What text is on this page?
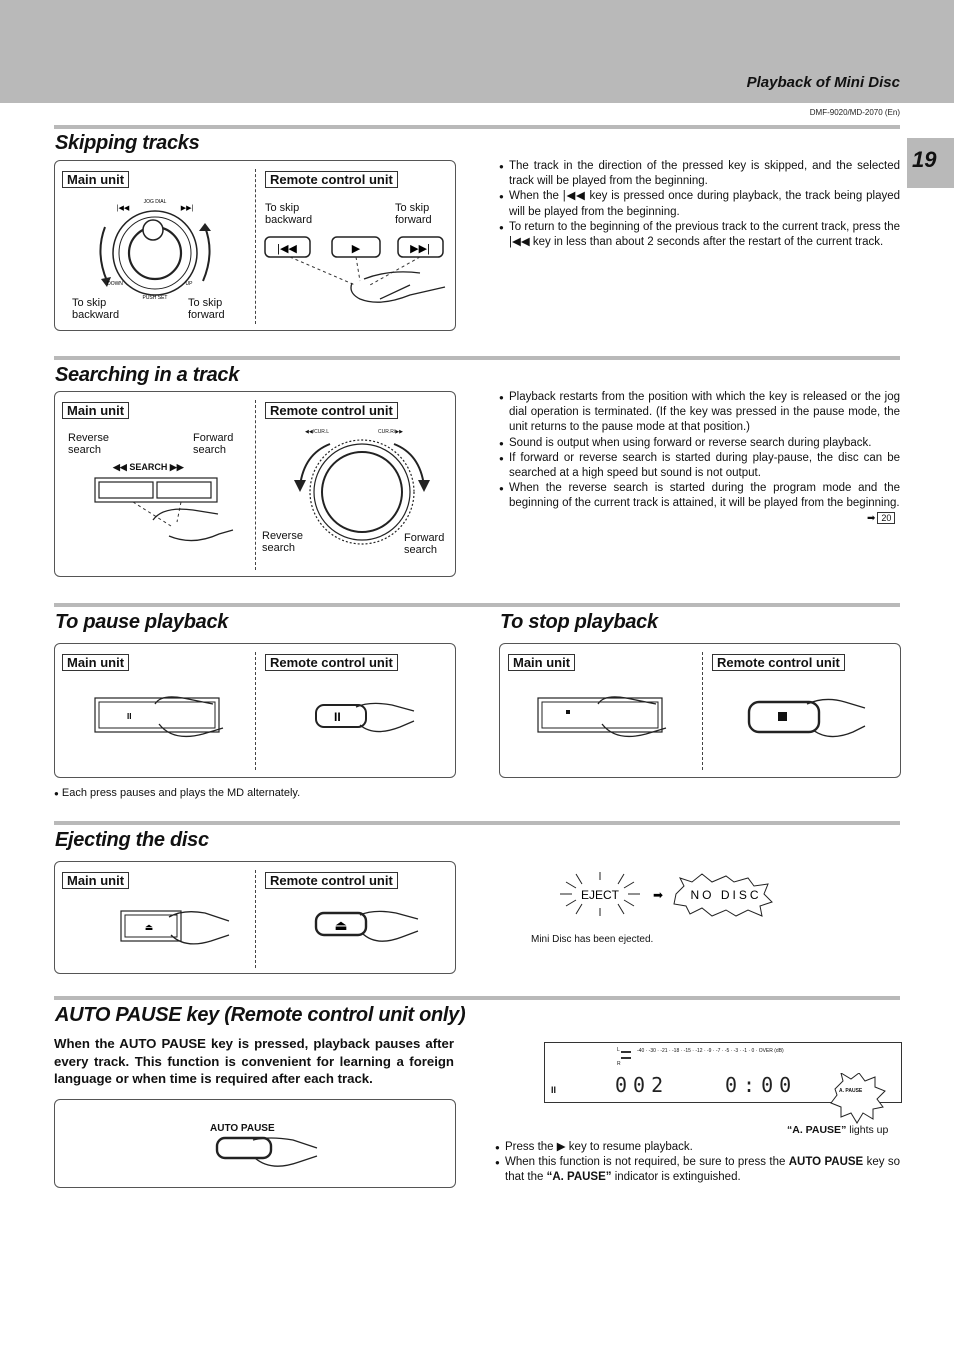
Playback of Mini Disc
DMF-9020/MD-2070 (En)
19
Skipping tracks
Main unit	Remote control unit
JOG DIAL
|◀◀	▶▶|
DOWN	UP
PUSH SET
To skip
backward
To skip
forward
To skip
backward
To skip
forward
|◀◀	▶	▶▶|
● The track in the direction of the pressed key is skipped, and the selected track will be played from the beginning.
● When the |◀◀ key is pressed once during playback, the track being played will be played from the beginning.
● To return to the beginning of the previous track to the current track, press the |◀◀ key in less than about 2 seconds after the restart of the current track.
Searching in a track
Main unit	Remote control unit
Reverse
search
Forward
search
◀◀ SEARCH ▶▶
◀◀/CUR.L	CUR.R/▶▶
Reverse
search
Forward
search
● Playback restarts from the position with which the key is released or the jog dial operation is terminated. (If the key was pressed in the pause mode, the unit returns to the pause mode at that position.)
● Sound is output when using forward or reverse search during playback.
● If forward or reverse search is started during play-pause, the disc can be searched at a high speed but sound is not output.
● When the reverse search is started during the program mode and the beginning of the current track is attained, it will be played from the beginning.
➡ 20
To pause playback	To stop playback
Main unit	Remote control unit
II	II
Main unit	Remote control unit
● Each press pauses and plays the MD alternately.
Ejecting the disc
Main unit	Remote control unit
⏏	⏏
EJECT	➡ NO DISC
Mini Disc has been ejected.
AUTO PAUSE key (Remote control unit only)
When the AUTO PAUSE key is pressed, playback pauses after every track. This function is convenient for learning a foreign language or when time is required after each track.
AUTO PAUSE
L
R
-40 · -30 · -21 · -18 · -15 · -12 · -9 · -7 · -5 · -3 · -1 · 0 · OVER (dB)
II	002	0:00	A. PAUSE
“A. PAUSE” lights up
● Press the ▶ key to resume playback.
● When this function is not required, be sure to press the AUTO PAUSE key so that the “A. PAUSE” indicator is extinguished.
